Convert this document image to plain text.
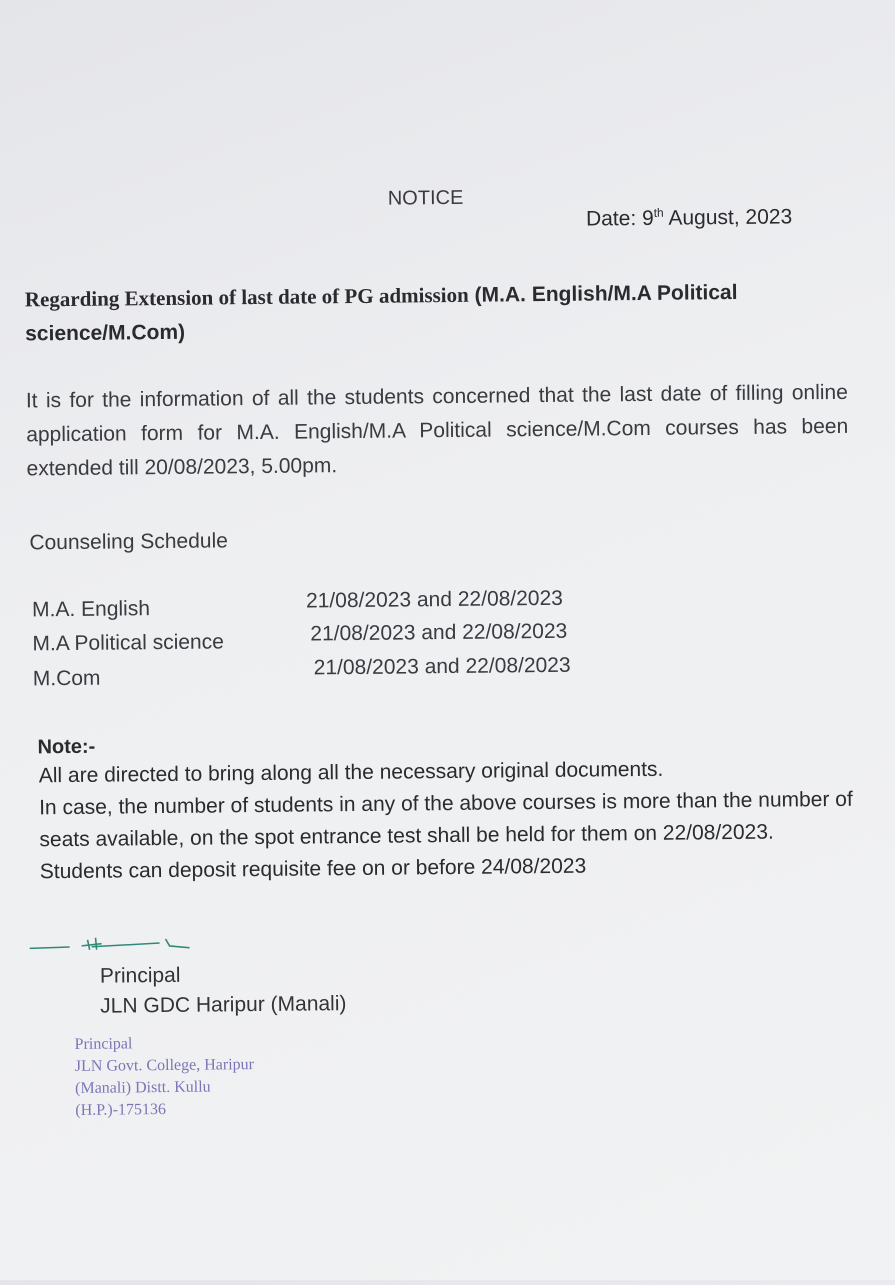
NOTICE
Date: 9th August, 2023
Regarding Extension of last date of PG admission (M.A. English/M.A Political science/M.Com)
It is for the information of all the students concerned that the last date of filling online application form for M.A. English/M.A Political science/M.Com courses has been extended till 20/08/2023, 5.00pm.
Counseling Schedule
M.A. English	21/08/2023 and 22/08/2023
M.A Political science	21/08/2023 and 22/08/2023
M.Com	21/08/2023 and 22/08/2023
Note:-
All are directed to bring along all the necessary original documents.
In case, the number of students in any of the above courses is more than the number of seats available, on the spot entrance test shall be held for them on 22/08/2023.
Students can deposit requisite fee on or before 24/08/2023
Principal
JLN GDC Haripur (Manali)
Principal
JLN Govt. College, Haripur
(Manali) Distt. Kullu
(H.P.)-175136
